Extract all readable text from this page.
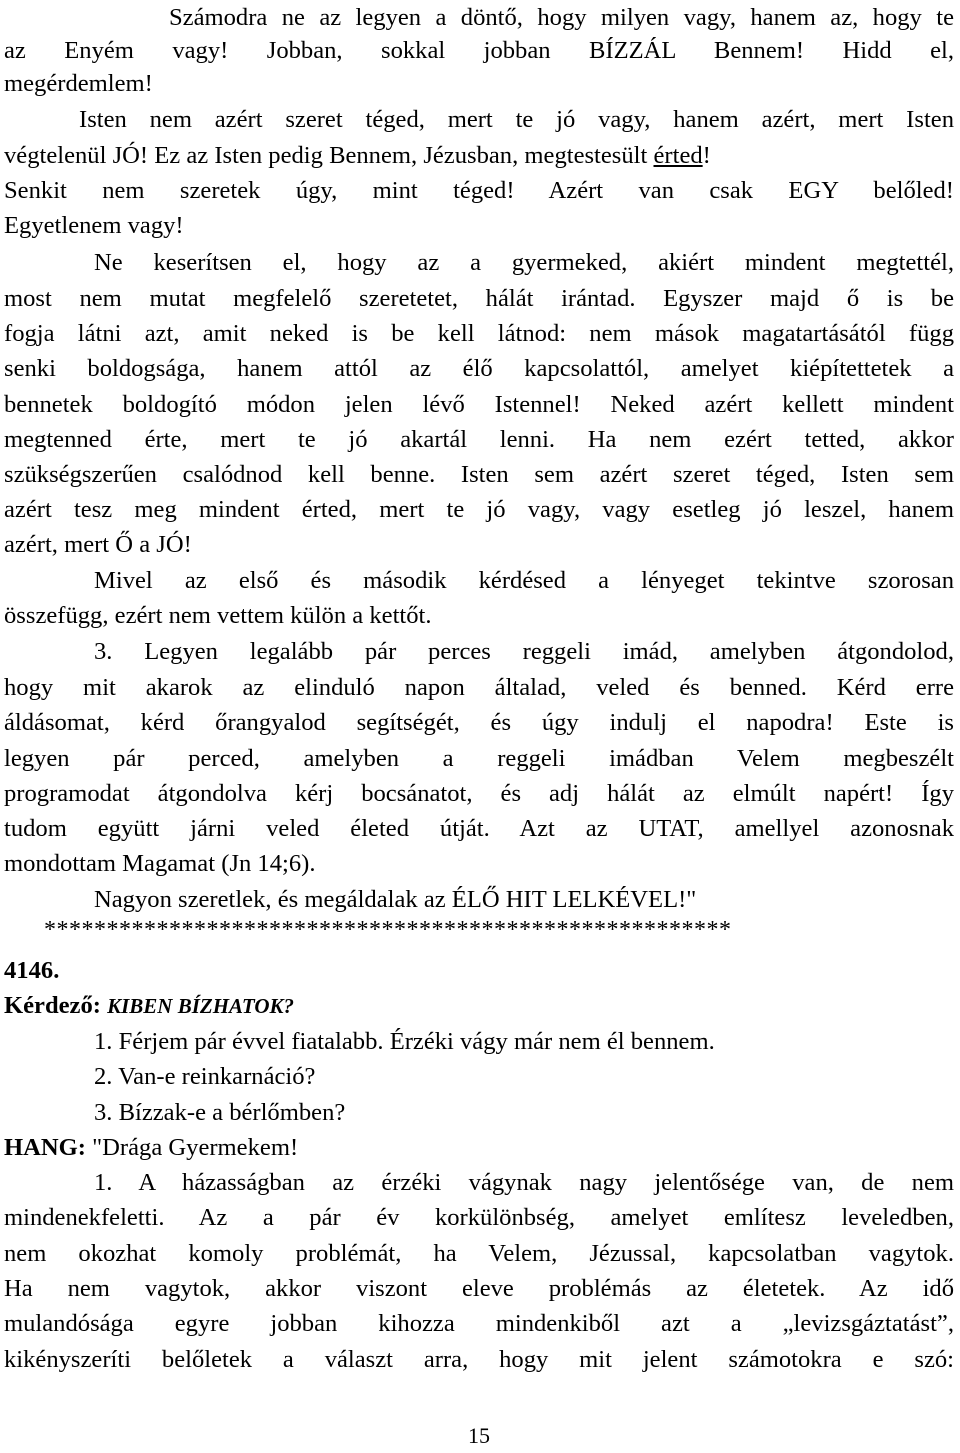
Számodra ne az legyen a döntő, hogy milyen vagy, hanem az, hogy te
az Enyém vagy! Jobban, sokkal jobban BÍZZÁL Bennem! Hidd el,
megérdemlem!
Isten nem azért szeret téged, mert te jó vagy, hanem azért, mert Isten
végtelenül JÓ! Ez az Isten pedig Bennem, Jézusban, megtestesült érted!
Senkit nem szeretek úgy, mint téged! Azért van csak EGY belőled!
Egyetlenem vagy!
Ne keserítsen el, hogy az a gyermeked, akiért mindent megtettél,
most nem mutat megfelelő szeretetet, hálát irántad. Egyszer majd ő is be
fogja látni azt, amit neked is be kell látnod: nem mások magatartásától függ
senki boldogsága, hanem attól az élő kapcsolattól, amelyet kiépítettetek a
bennetek boldogító módon jelen lévő Istennel! Neked azért kellett mindent
megtenned érte, mert te jó akartál lenni. Ha nem ezért tetted, akkor
szükségszerűen csalódnod kell benne. Isten sem azért szeret téged, Isten sem
azért tesz meg mindent érted, mert te jó vagy, vagy esetleg jó leszel, hanem
azért, mert Ő a JÓ!
Mivel az első és második kérdésed a lényeget tekintve szorosan
összefügg, ezért nem vettem külön a kettőt.
3. Legyen legalább pár perces reggeli imád, amelyben átgondolod,
hogy mit akarok az elinduló napon általad, veled és benned. Kérd erre
áldásomat, kérd őrangyalod segítségét, és úgy indulj el napodra! Este is
legyen pár perced, amelyben a reggeli imádban Velem megbeszélt
programodat átgondolva kérj bocsánatot, és adj hálát az elmúlt napért! Így
tudom együtt járni veled életed útját. Azt az UTAT, amellyel azonosnak
mondottam Magamat (Jn 14;6).
Nagyon szeretlek, és megáldalak az ÉLŐ HIT LELKÉVEL!"
*******************************************************
4146.
Kérdező: KIBEN BÍZHATOK?
1. Férjem pár évvel fiatalabb. Érzéki vágy már nem él bennem.
2. Van-e reinkarnáció?
3. Bízzak-e a bérlőmben?
HANG: "Drága Gyermekem!
1. A házasságban az érzéki vágynak nagy jelentősége van, de nem
mindenekfeletti. Az a pár év korkülönbség, amelyet említesz leveledben,
nem okozhat komoly problémát, ha Velem, Jézussal, kapcsolatban vagytok.
Ha nem vagytok, akkor viszont eleve problémás az életetek. Az idő
mulandósága egyre jobban kihozza mindenkiből azt a „levizsgáztatást”,
kikényszeríti belőletek a választ arra, hogy mit jelent számotokra e szó:
15
